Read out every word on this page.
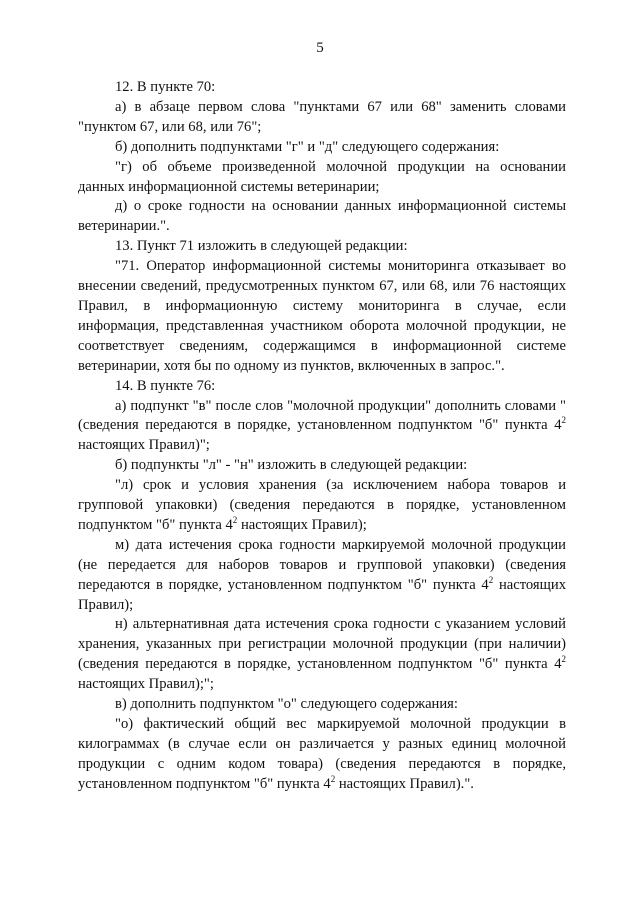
5

12. В пункте 70:

а) в абзаце первом слова "пунктами 67 или 68" заменить словами "пунктом 67, или 68, или 76";

б) дополнить подпунктами "г" и "д" следующего содержания:

"г) об объеме произведенной молочной продукции на основании данных информационной системы ветеринарии;

д) о сроке годности на основании данных информационной системы ветеринарии.".

13. Пункт 71 изложить в следующей редакции:

"71. Оператор информационной системы мониторинга отказывает во внесении сведений, предусмотренных пунктом 67, или 68, или 76 настоящих Правил, в информационную систему мониторинга в случае, если информация, представленная участником оборота молочной продукции, не соответствует сведениям, содержащимся в информационной системе ветеринарии, хотя бы по одному из пунктов, включенных в запрос.".

14. В пункте 76:

а) подпункт "в" после слов "молочной продукции" дополнить словами "(сведения передаются в порядке, установленном подпунктом "б" пункта $4^2$ настоящих Правил)";

б) подпункты "л" - "н" изложить в следующей редакции:

"л) срок и условия хранения (за исключением набора товаров и групповой упаковки) (сведения передаются в порядке, установленном подпунктом "б" пункта $4^2$ настоящих Правил);

м) дата истечения срока годности маркируемой молочной продукции (не передается для наборов товаров и групповой упаковки) (сведения передаются в порядке, установленном подпунктом "б" пункта $4^2$ настоящих Правил);

н) альтернативная дата истечения срока годности с указанием условий хранения, указанных при регистрации молочной продукции (при наличии) (сведения передаются в порядке, установленном подпунктом "б" пункта $4^2$ настоящих Правил);";

в) дополнить подпунктом "о" следующего содержания:

"о) фактический общий вес маркируемой молочной продукции в килограммах (в случае если он различается у разных единиц молочной продукции с одним кодом товара) (сведения передаются в порядке, установленном подпунктом "б" пункта $4^2$ настоящих Правил).".
